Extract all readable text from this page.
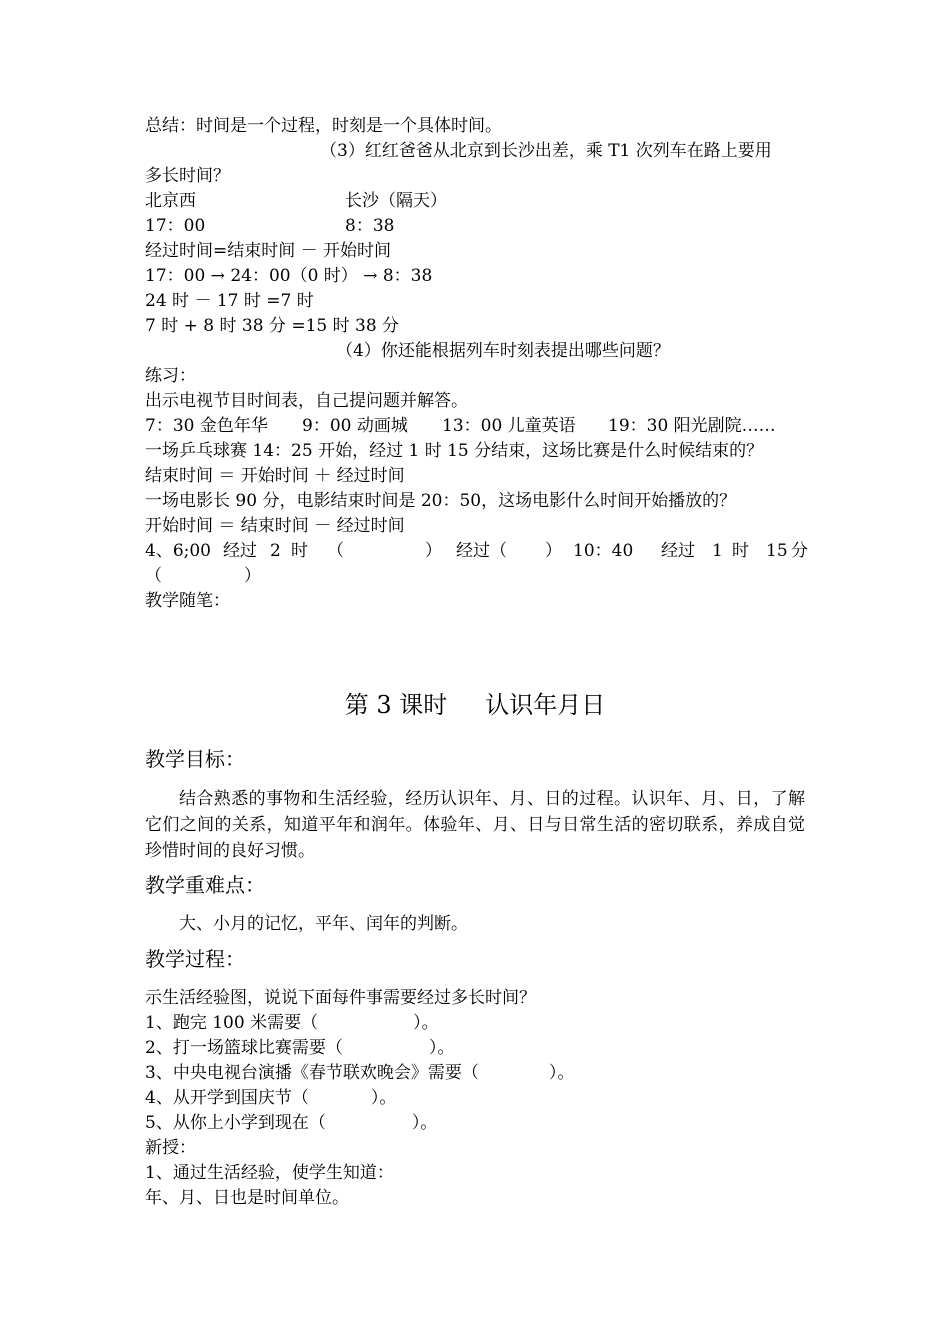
总结：时间是一个过程，时刻是一个具体时间。

（3）红红爸爸从北京到长沙出差，乘 T1 次列车在路上要用

多长时间？

北京西	长沙（隔天）

17：00	8：38

经过时间=结束时间 － 开始时间

17：00 → 24：00（0 时） → 8：38

24 时 － 17 时 =7 时

7 时 + 8 时 38 分 =15 时 38 分

（4）你还能根据列车时刻表提出哪些问题？

练习：

出示电视节目时间表，自己提问题并解答。

7：30 金色年华 9：00 动画城 13：00 儿童英语 19：30 阳光剧院……

一场乒乓球赛 14：25 开始，经过 1 时 15 分结束，这场比赛是什么时候结束的？

结束时间 ＝ 开始时间 ＋ 经过时间

一场电影长 90 分，电影结束时间是 20：50，这场电影什么时间开始播放的？

开始时间 ＝ 结束时间 － 经过时间

4、6;00 经过 2 时 （	） 经过（ ） 10：40 经过 1 时 15 分

（	）

教学随笔：

第 3 课时 认识年月日
教学目标：

结合熟悉的事物和生活经验，经历认识年、月、日的过程。认识年、月、日，了解它们之间的关系，知道平年和润年。体验年、月、日与日常生活的密切联系，养成自觉珍惜时间的良好习惯。

教学重难点：

大、小月的记忆，平年、闰年的判断。

教学过程：

示生活经验图，说说下面每件事需要经过多长时间？

1、跑完 100 米需要（	）。

2、打一场篮球比赛需要（	）。

3、中央电视台演播《春节联欢晚会》需要（	）。

4、从开学到国庆节（	）。

5、从你上小学到现在（	）。

新授：

1、通过生活经验，使学生知道：

年、月、日也是时间单位。
